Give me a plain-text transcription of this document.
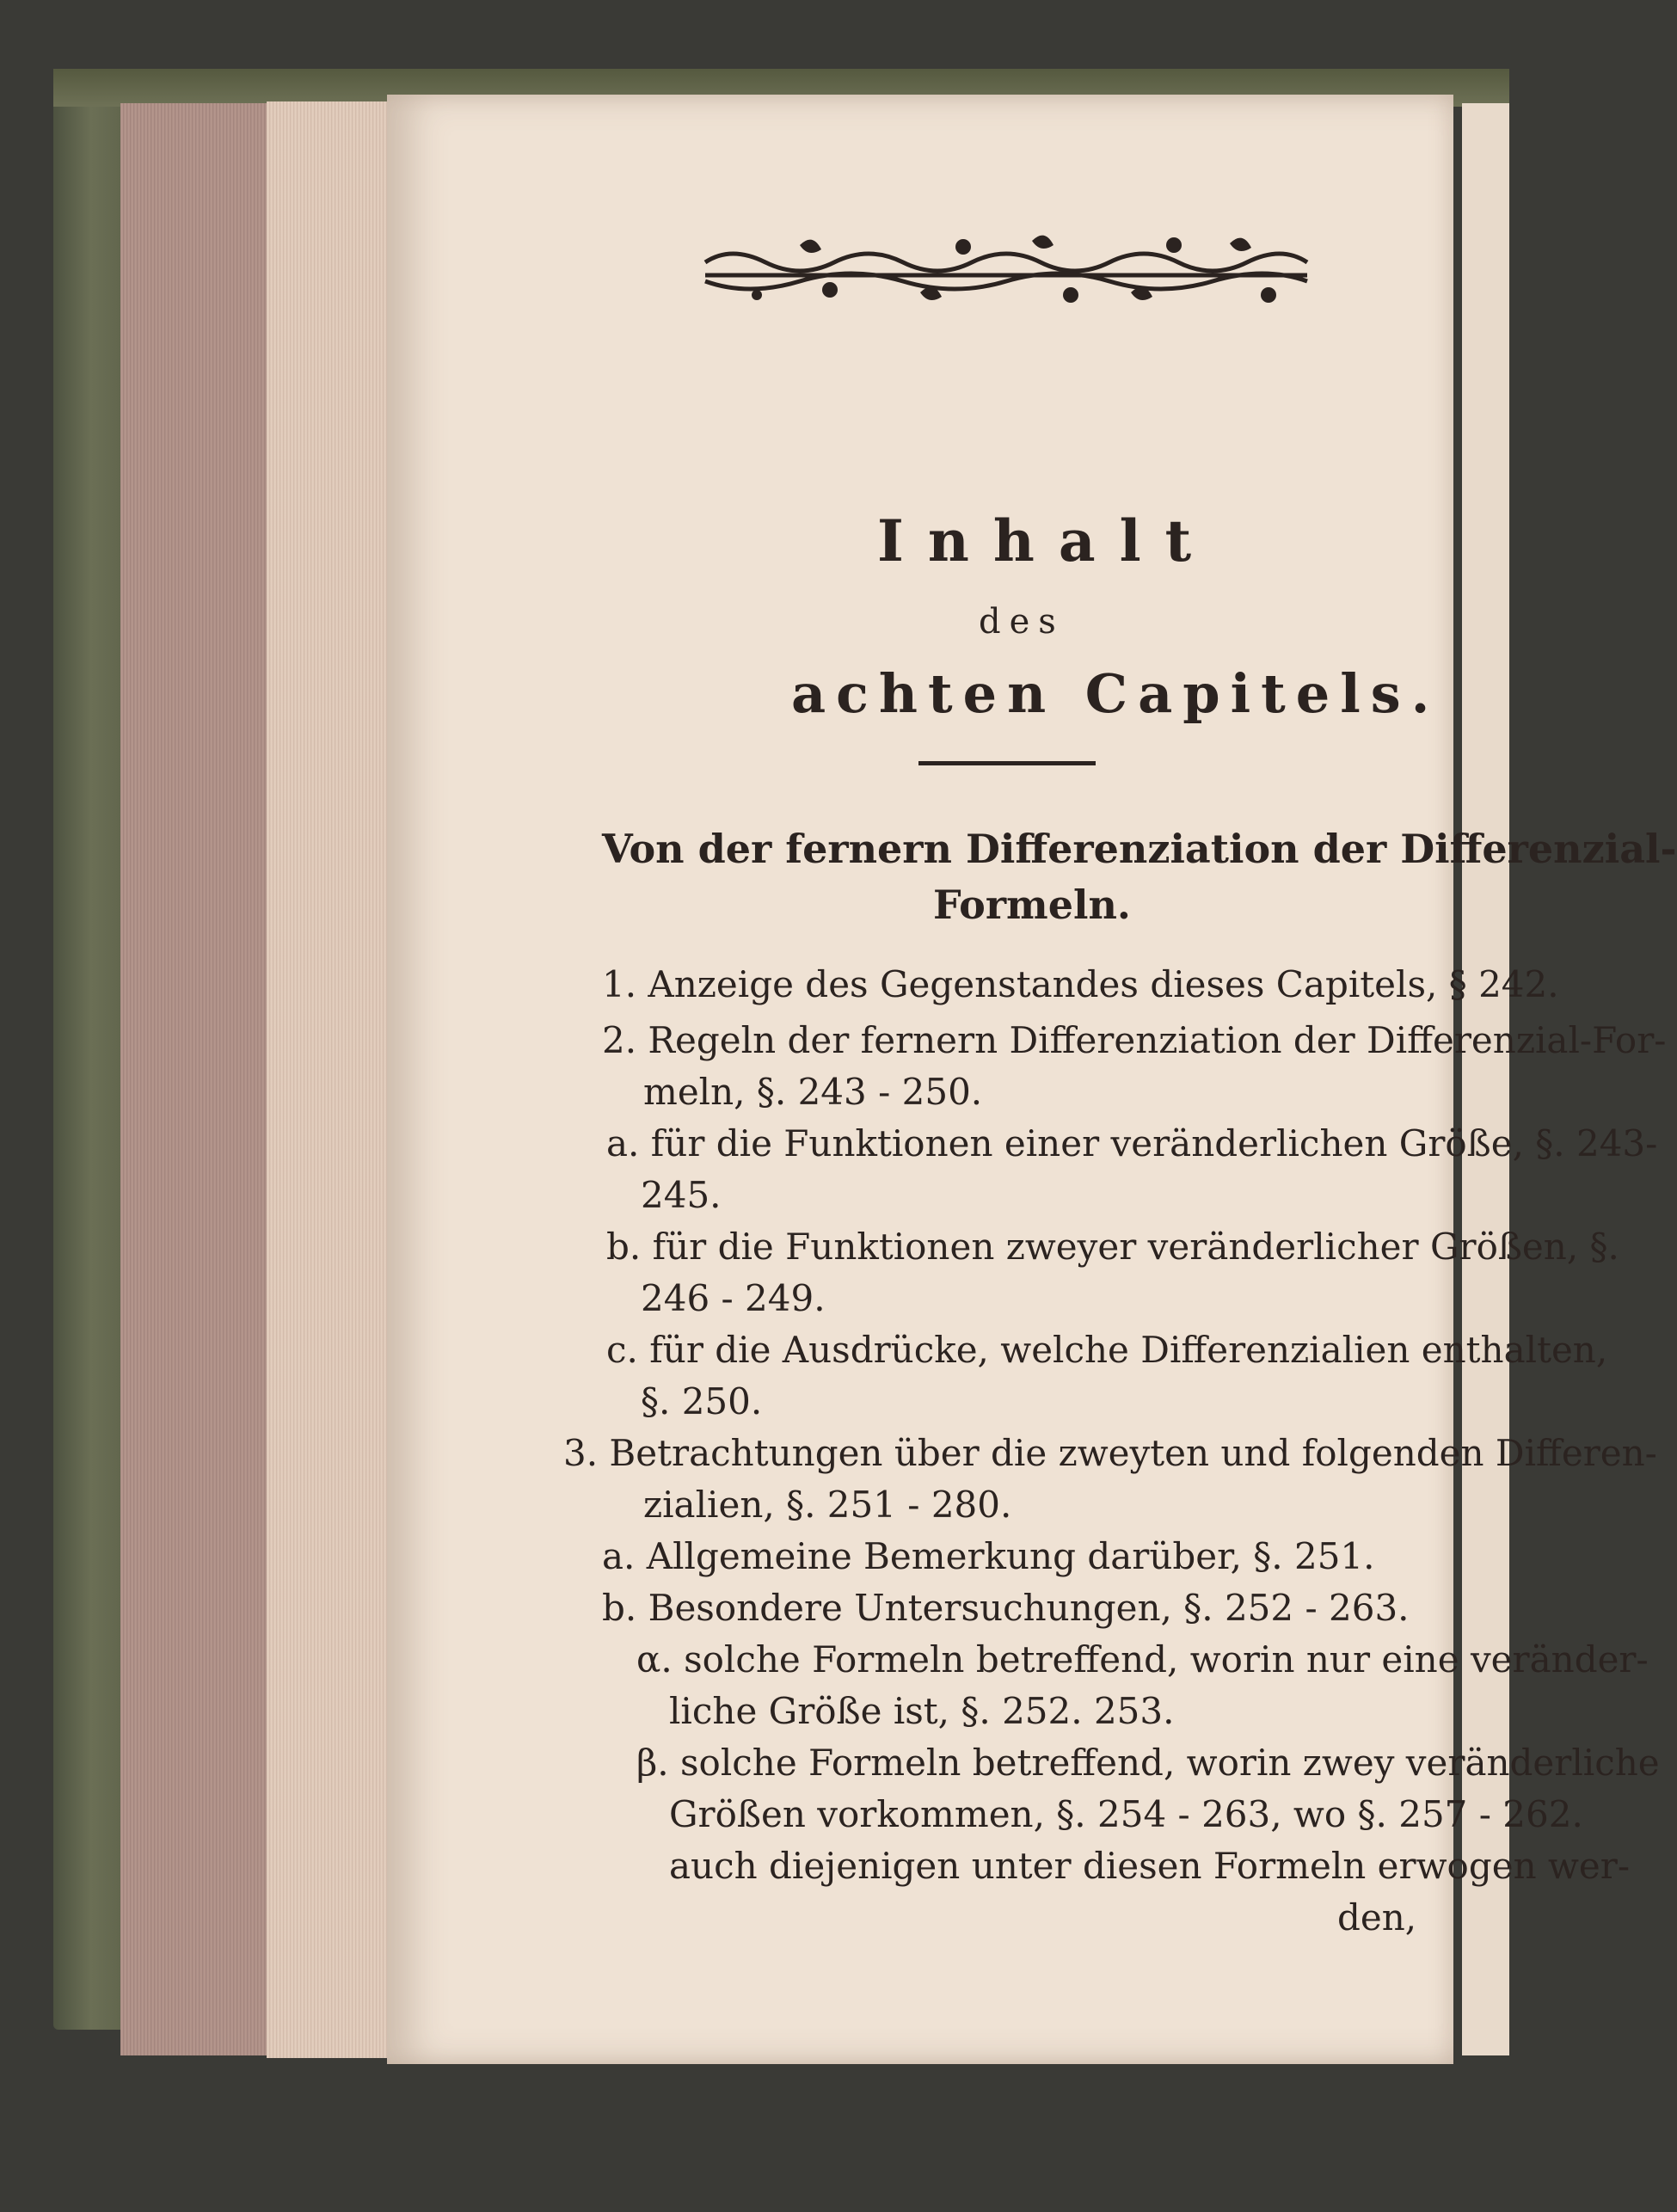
Inhalt
des
achten Capitels.
Von der fernern Differenziation der Differenzial-
Formeln.
1. Anzeige des Gegenstandes dieses Capitels, § 242.
2. Regeln der fernern Differenziation der Differenzial-For-
meln, §. 243 - 250.
a. für die Funktionen einer veränderlichen Größe, §. 243-
245.
b. für die Funktionen zweyer veränderlicher Größen, §.
246 - 249.
c. für die Ausdrücke, welche Differenzialien enthalten,
§. 250.
3. Betrachtungen über die zweyten und folgenden Differen-
zialien, §. 251 - 280.
a. Allgemeine Bemerkung darüber, §. 251.
b. Besondere Untersuchungen, §. 252 - 263.
α. solche Formeln betreffend, worin nur eine veränder-
liche Größe ist, §. 252. 253.
β. solche Formeln betreffend, worin zwey veränderliche
Größen vorkommen, §. 254 - 263, wo §. 257 - 262.
auch diejenigen unter diesen Formeln erwogen wer-
den,
